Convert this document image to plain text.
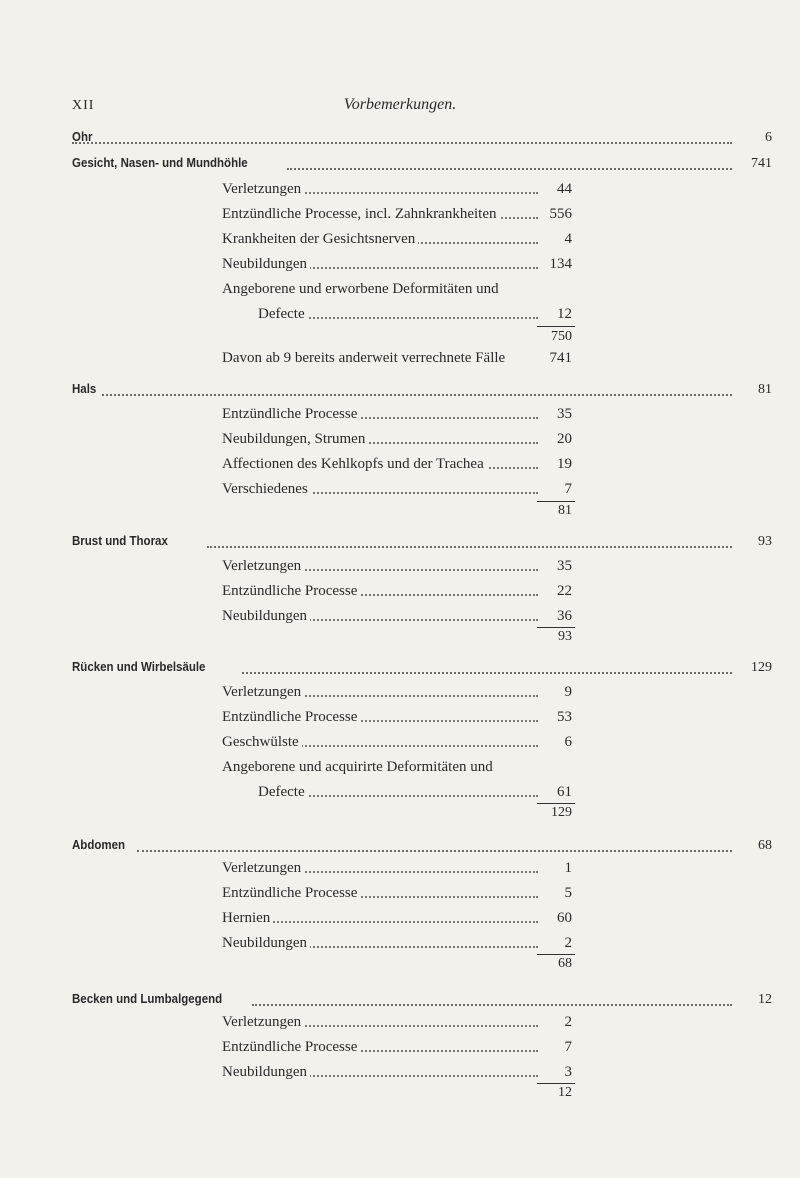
XII	Vorbemerkungen.
Ohr	6
Gesicht, Nasen- und Mundhöhle	741
Verletzungen	44
Entzündliche Processe, incl. Zahnkrankheiten	556
Krankheiten der Gesichtsnerven	4
Neubildungen	134
Angeborene und erworbene Deformitäten und
Defecte	12
750
Davon ab 9 bereits anderweit verrechnete Fälle	741
Hals	81
Entzündliche Processe	35
Neubildungen, Strumen	20
Affectionen des Kehlkopfs und der Trachea	19
Verschiedenes	7
81
Brust und Thorax	93
Verletzungen	35
Entzündliche Processe	22
Neubildungen	36
93
Rücken und Wirbelsäule	129
Verletzungen	9
Entzündliche Processe	53
Geschwülste	6
Angeborene und acquirirte Deformitäten und
Defecte	61
129
Abdomen	68
Verletzungen	1
Entzündliche Processe	5
Hernien	60
Neubildungen	2
68
Becken und Lumbalgegend	12
Verletzungen	2
Entzündliche Processe	7
Neubildungen	3
12
